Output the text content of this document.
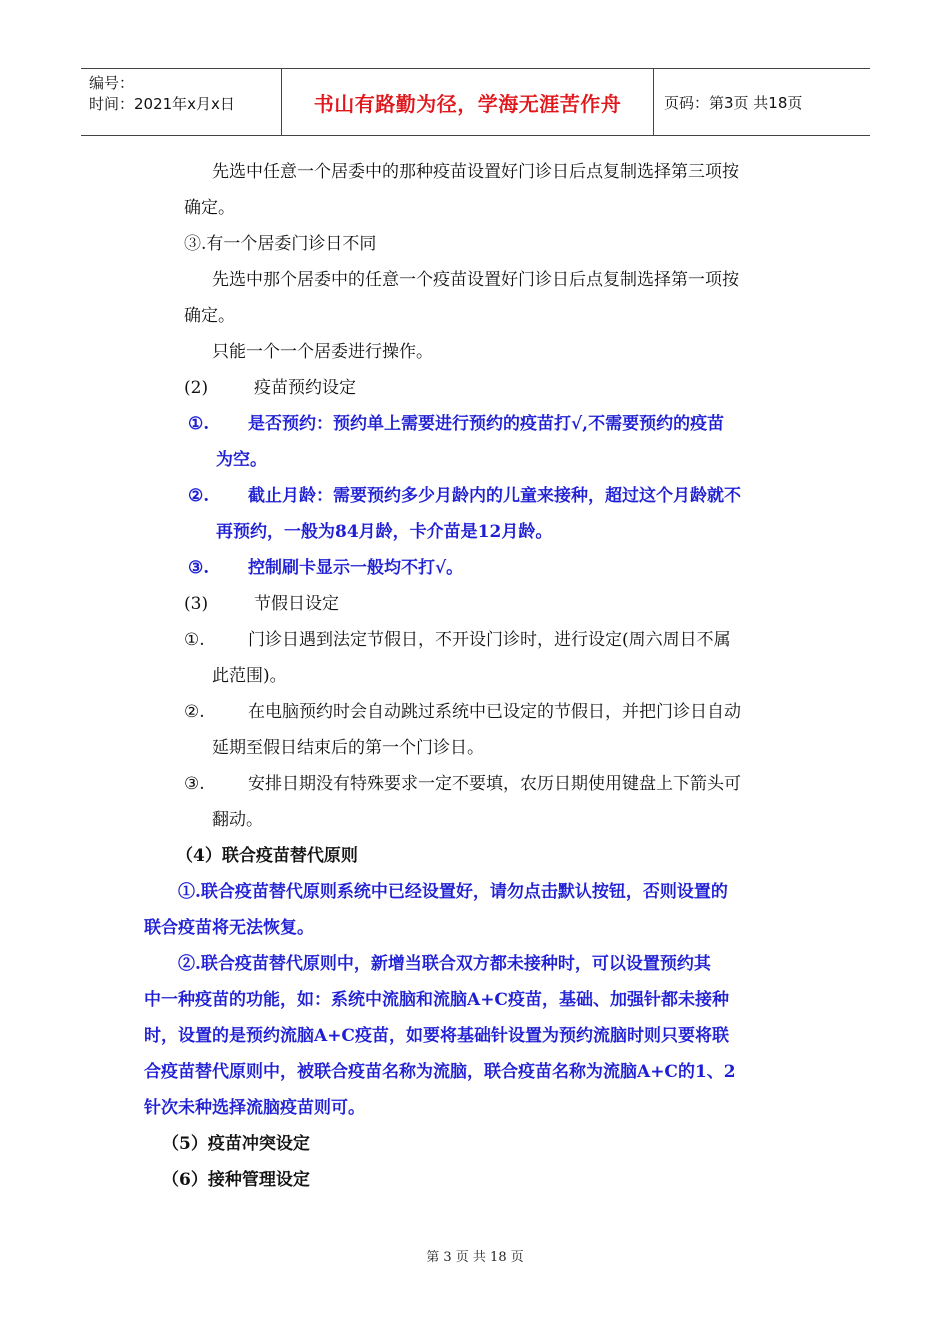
编号：
时间：2021年x月x日	书山有路勤为径，学海无涯苦作舟	页码：第3页 共18页

先选中任意一个居委中的那种疫苗设置好门诊日后点复制选择第三项按

确定。

③.有一个居委门诊日不同

先选中那个居委中的任意一个疫苗设置好门诊日后点复制选择第一项按

确定。

只能一个一个居委进行操作。

(2)	疫苗预约设定
①.	是否预约：预约单上需要进行预约的疫苗打√,不需要预约的疫苗

为空。

②.	截止月龄：需要预约多少月龄内的儿童来接种，超过这个月龄就不

再预约，一般为84月龄，卡介苗是12月龄。

③.	控制刷卡显示一般均不打√。
(3)	节假日设定
①.	门诊日遇到法定节假日，不开设门诊时，进行设定(周六周日不属

此范围)。

②.	在电脑预约时会自动跳过系统中已设定的节假日，并把门诊日自动

延期至假日结束后的第一个门诊日。

③.	安排日期没有特殊要求一定不要填，农历日期使用键盘上下箭头可

翻动。

（4）联合疫苗替代原则

①.联合疫苗替代原则系统中已经设置好，请勿点击默认按钮，否则设置的

联合疫苗将无法恢复。

②.联合疫苗替代原则中，新增当联合双方都未接种时，可以设置预约其

中一种疫苗的功能，如：系统中流脑和流脑A+C疫苗，基础、加强针都未接种

时，设置的是预约流脑A+C疫苗，如要将基础针设置为预约流脑时则只要将联

合疫苗替代原则中，被联合疫苗名称为流脑，联合疫苗名称为流脑A+C的1、2

针次未种选择流脑疫苗则可。

（5）疫苗冲突设定

（6）接种管理设定

第 3 页 共 18 页
